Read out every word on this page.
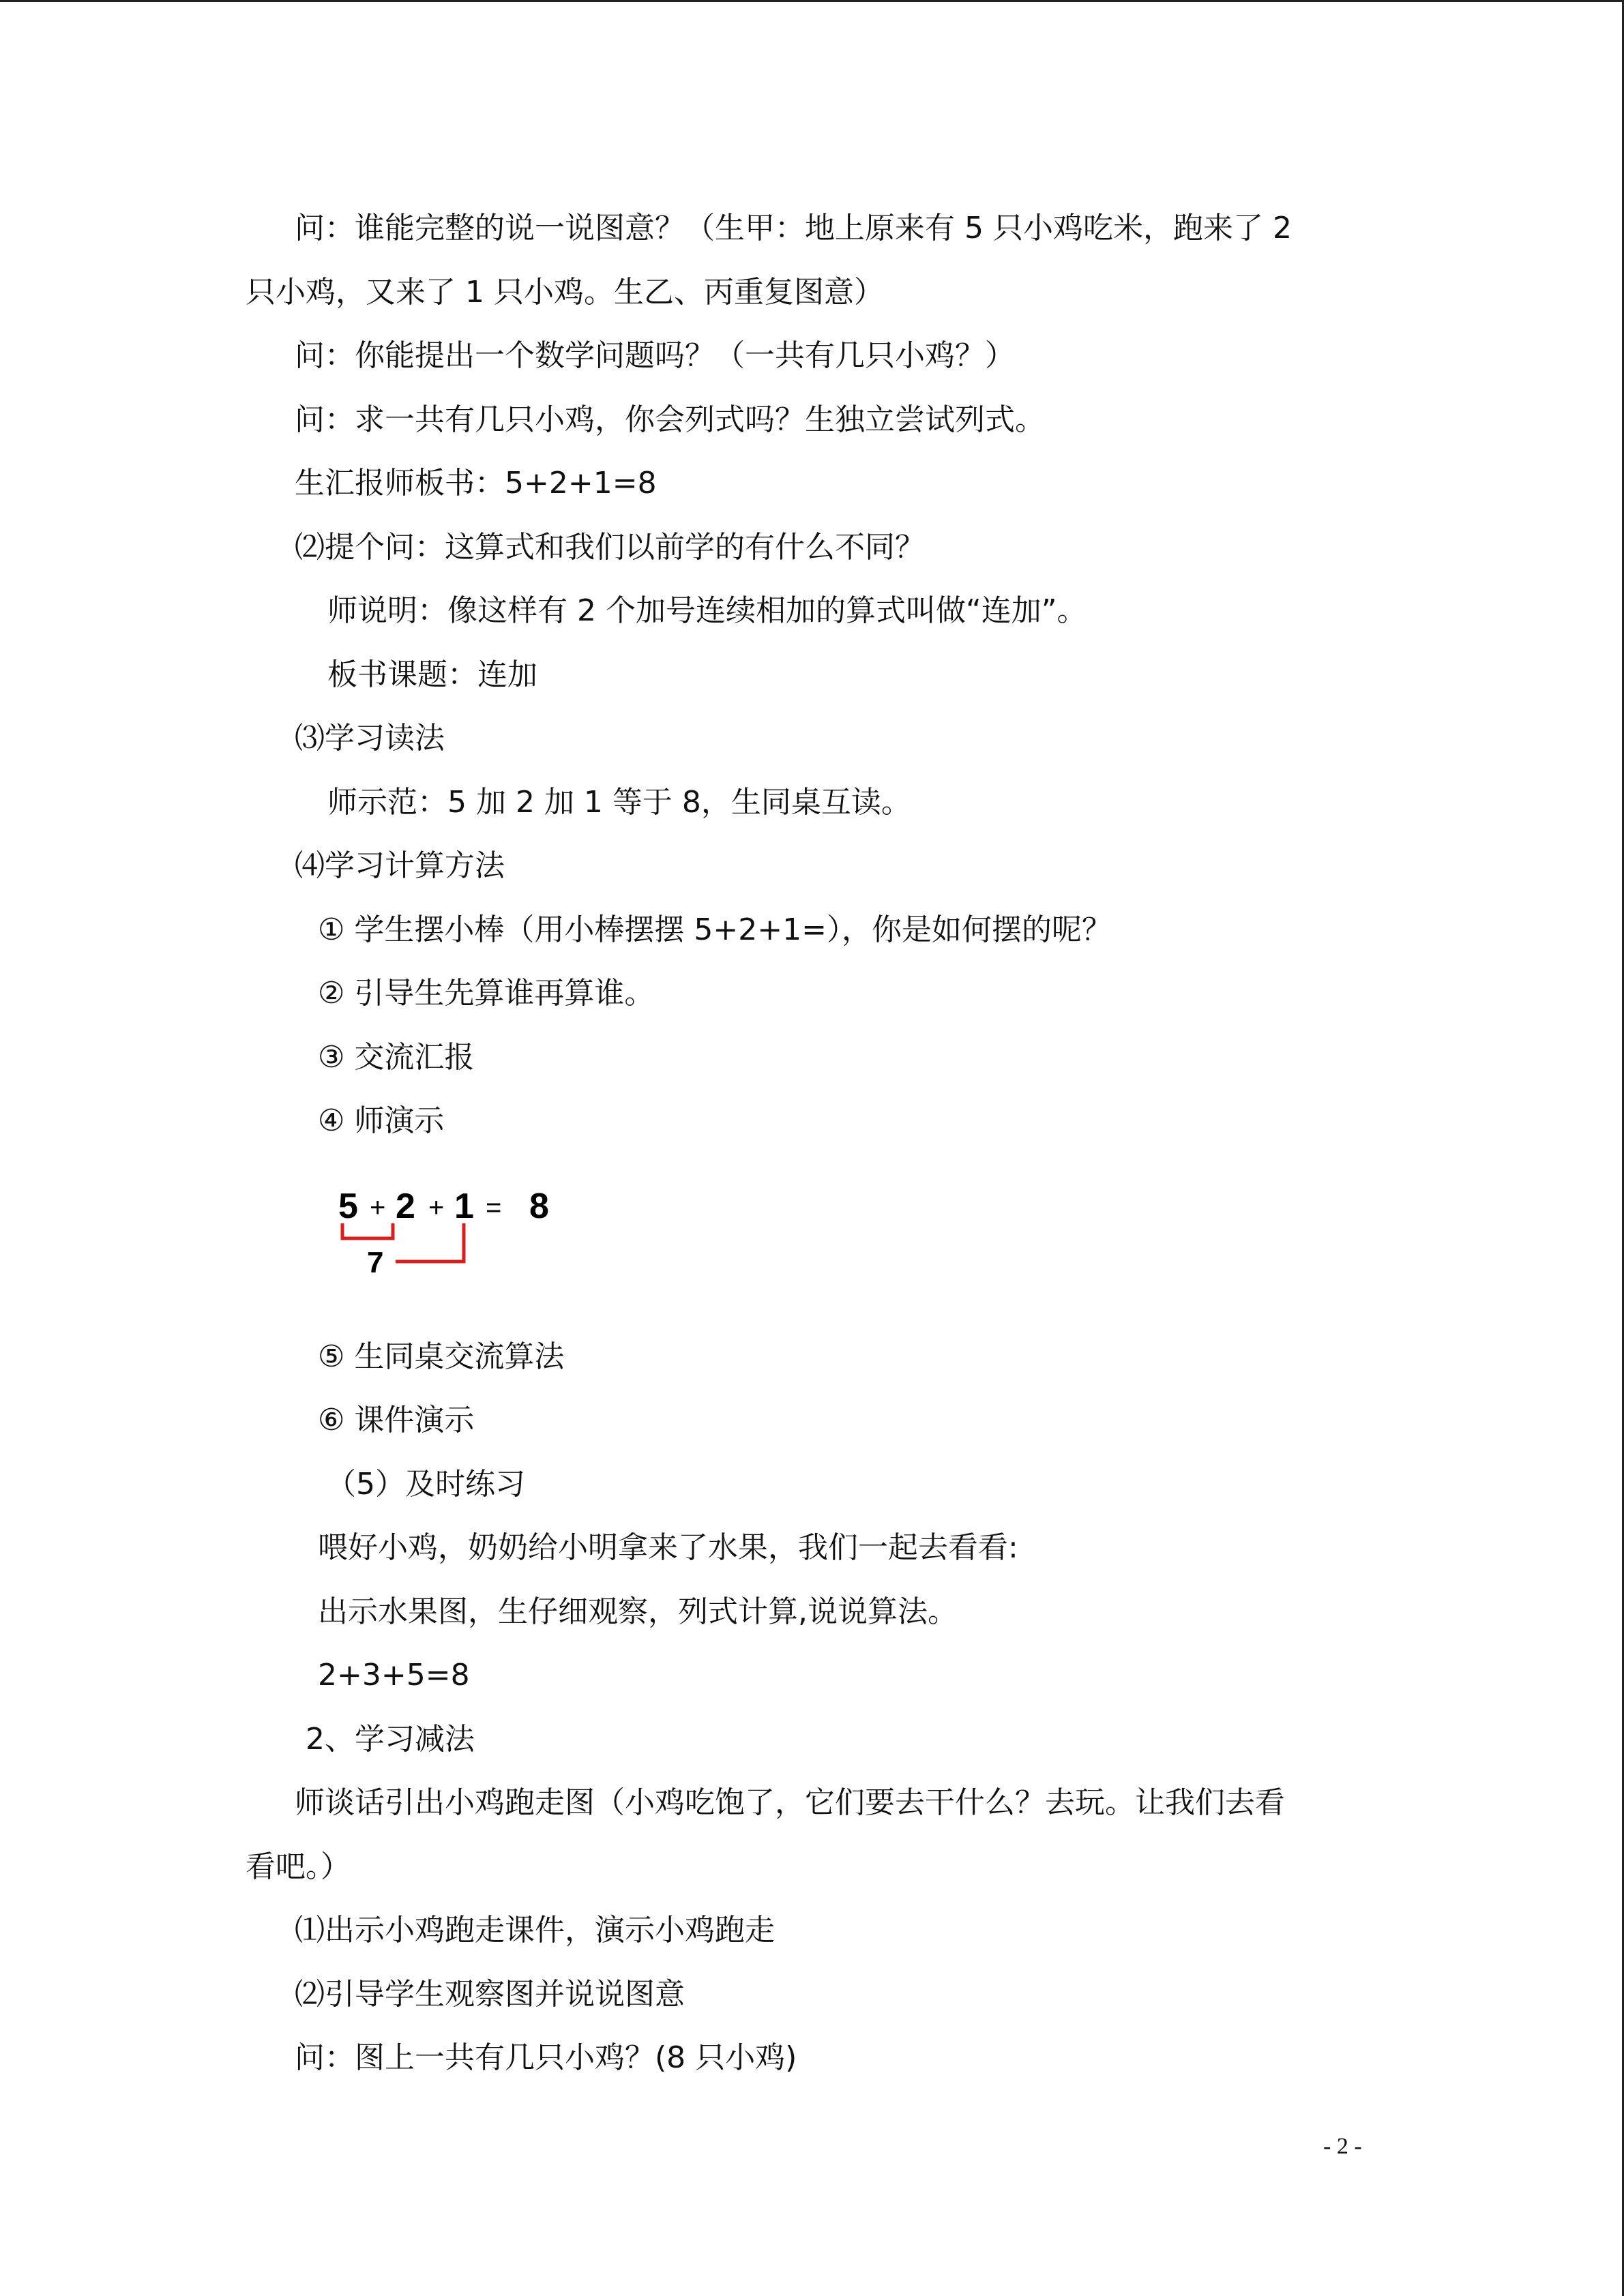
问：谁能完整的说一说图意？（生甲：地上原来有 5 只小鸡吃米，跑来了 2
只小鸡，又来了 1 只小鸡。生乙、丙重复图意）
问：你能提出一个数学问题吗？（一共有几只小鸡？）
问：求一共有几只小鸡，你会列式吗？生独立尝试列式。
生汇报师板书：5+2+1=8
⑵提个问：这算式和我们以前学的有什么不同？
师说明：像这样有 2 个加号连续相加的算式叫做“连加”。
板书课题：连加
⑶学习读法
师示范：5 加 2 加 1 等于 8，生同桌互读。
⑷学习计算方法
① 学生摆小棒（用小棒摆摆 5+2+1=），你是如何摆的呢？
② 引导生先算谁再算谁。
③ 交流汇报
④ 师演示
5 + 2 + 1 = 8
7
⑤ 生同桌交流算法
⑥ 课件演示
（5）及时练习
喂好小鸡，奶奶给小明拿来了水果，我们一起去看看:
出示水果图，生仔细观察，列式计算,说说算法。
2+3+5=8
2、学习减法
师谈话引出小鸡跑走图（小鸡吃饱了，它们要去干什么？去玩。让我们去看
看吧。）
⑴出示小鸡跑走课件，演示小鸡跑走
⑵引导学生观察图并说说图意
问：图上一共有几只小鸡？(8 只小鸡)
- 2 -
